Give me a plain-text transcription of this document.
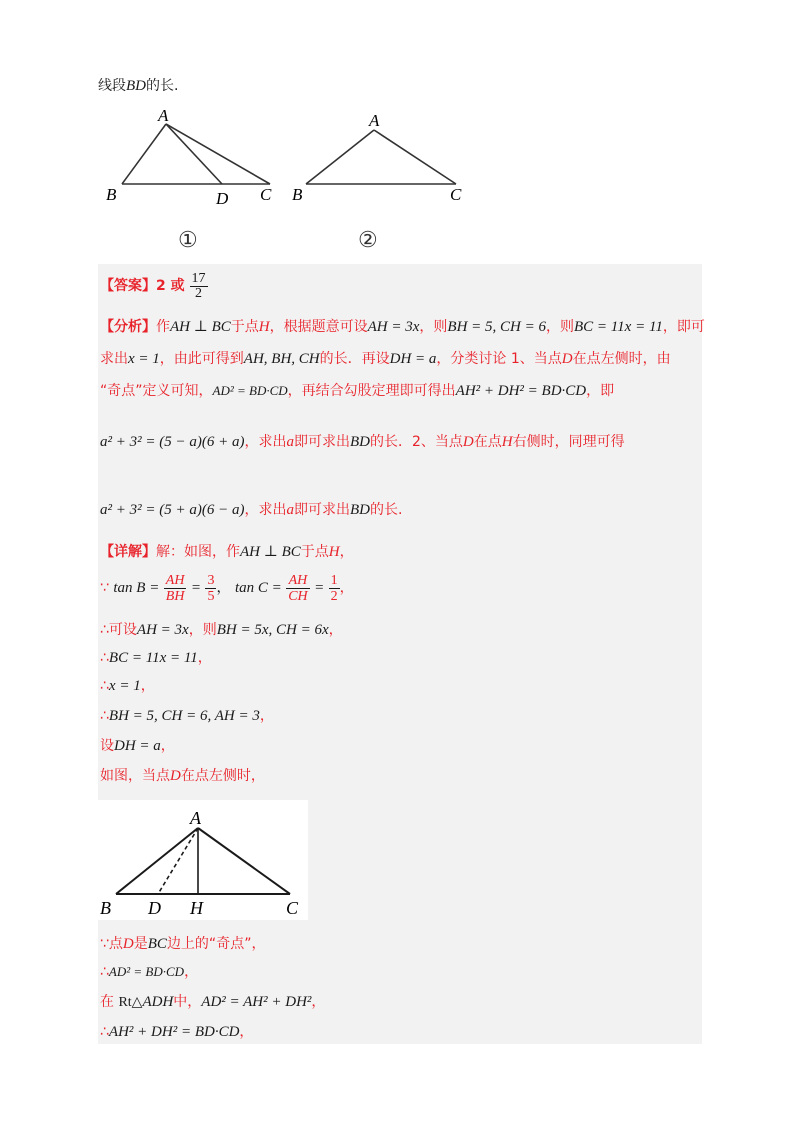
线段BD的长.
A
B	D C
①
A
B	C
②
【答案】2 或 $\frac{17}{2}$
【分析】作AH ⊥ BC于点H，根据题意可设AH = 3x，则BH = 5, CH = 6，则BC = 11x = 11，即可
求出x = 1，由此可得到AH, BH, CH的长．再设DH = a，分类讨论 1、当点D在点左侧时，由
“奇点”定义可知，AD² = BD·CD，再结合勾股定理即可得出AH² + DH² = BD·CD，即
a² + 3² = (5 − a)(6 + a)，求出a即可求出BD的长．2、当点D在点H右侧时，同理可得
a² + 3² = (5 + a)(6 − a)，求出a即可求出BD的长.
【详解】解：如图，作AH ⊥ BC于点H，
∵ $\tan B = \frac{AH}{BH} = \frac{3}{5}$ ， $\tan C = \frac{AH}{CH} = \frac{1}{2}$ ，
∴可设AH = 3x，则BH = 5x, CH = 6x，
∴BC = 11x = 11，
∴x = 1，
∴BH = 5, CH = 6, AH = 3，
设DH = a，
如图，当点D在点左侧时，
A
B D H	C
∵点D是BC边上的“奇点”，
∴AD² = BD·CD，
在 Rt△ADH中，AD² = AH² + DH²，
∴AH² + DH² = BD·CD，
